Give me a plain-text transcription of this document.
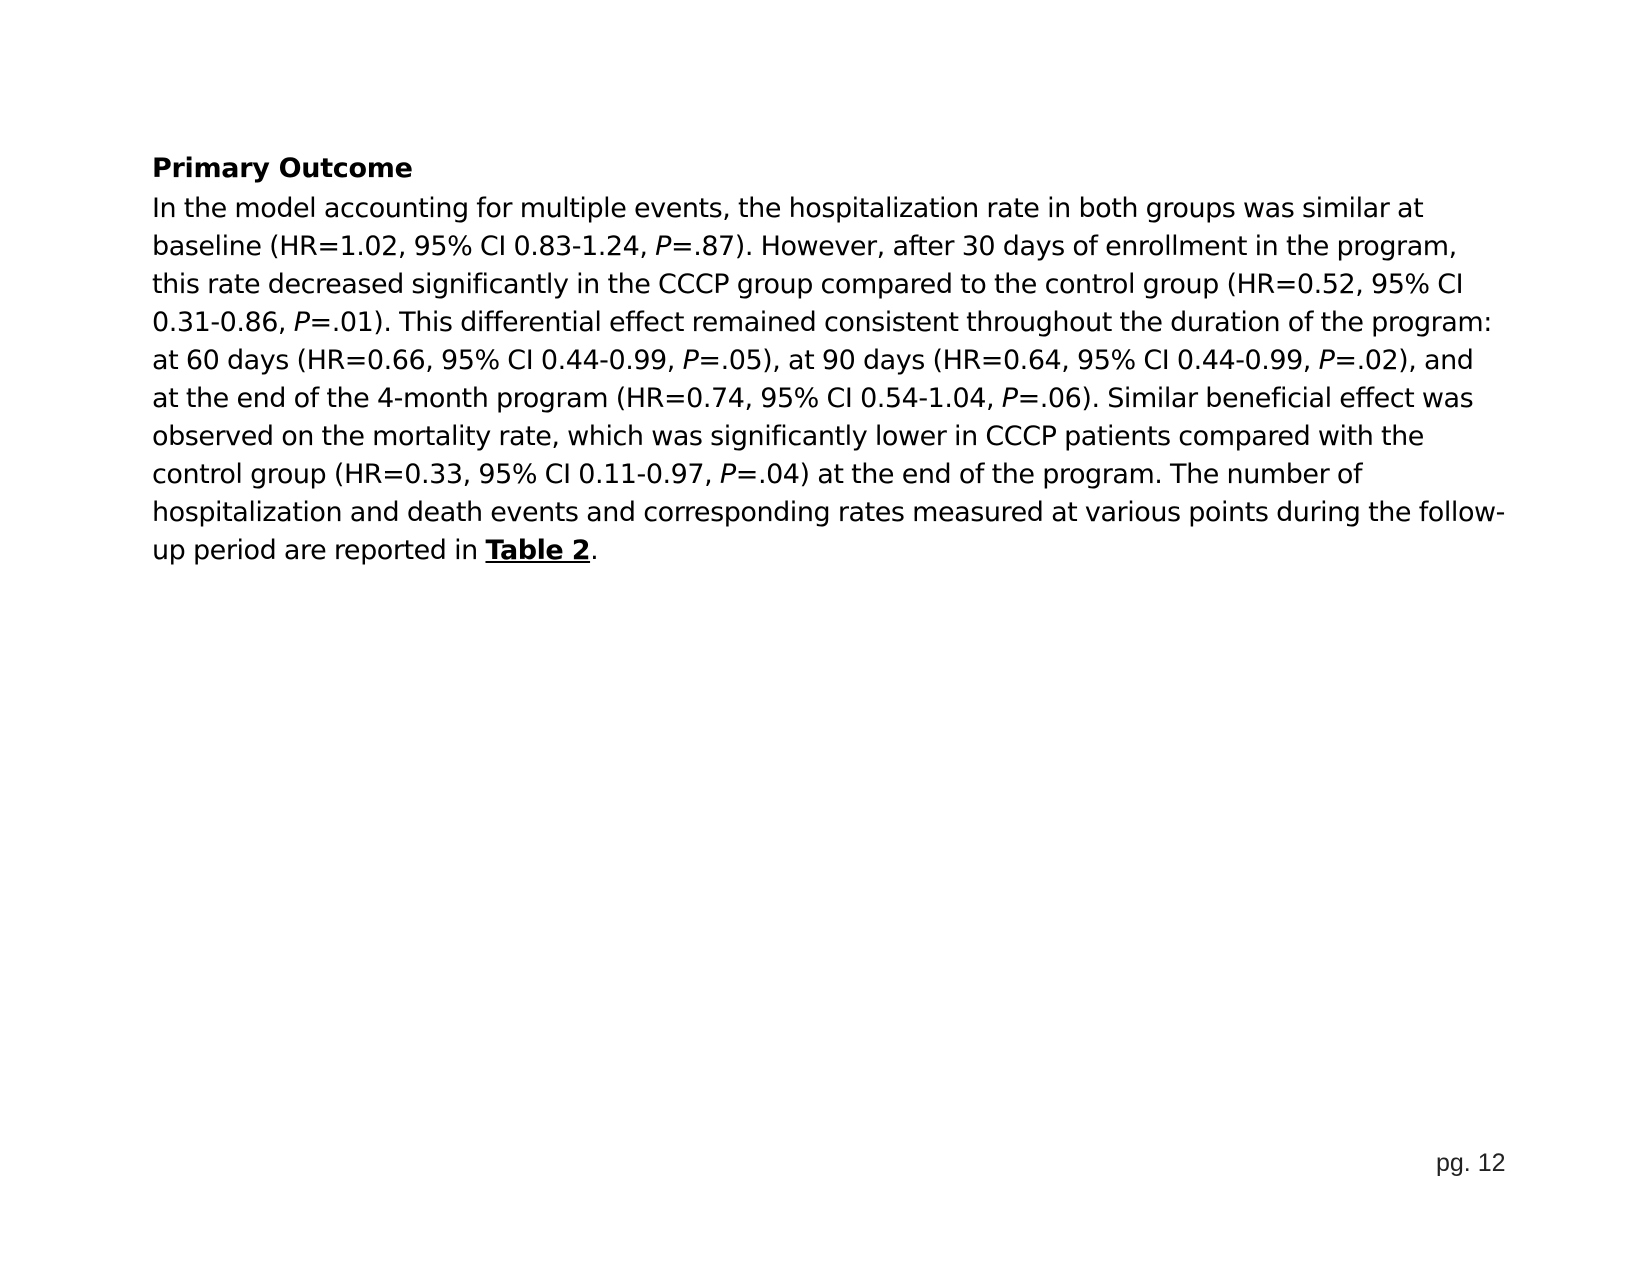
Primary Outcome
In the model accounting for multiple events, the hospitalization rate in both groups was similar at
baseline (HR=1.02, 95% CI 0.83-1.24, P=.87). However, after 30 days of enrollment in the program,
this rate decreased significantly in the CCCP group compared to the control group (HR=0.52, 95% CI
0.31-0.86, P=.01). This differential effect remained consistent throughout the duration of the program:
at 60 days (HR=0.66, 95% CI 0.44-0.99, P=.05), at 90 days (HR=0.64, 95% CI 0.44-0.99, P=.02), and
at the end of the 4-month program (HR=0.74, 95% CI 0.54-1.04, P=.06). Similar beneficial effect was
observed on the mortality rate, which was significantly lower in CCCP patients compared with the
control group (HR=0.33, 95% CI 0.11-0.97, P=.04) at the end of the program. The number of
hospitalization and death events and corresponding rates measured at various points during the follow-
up period are reported in Table 2.
pg. 12
